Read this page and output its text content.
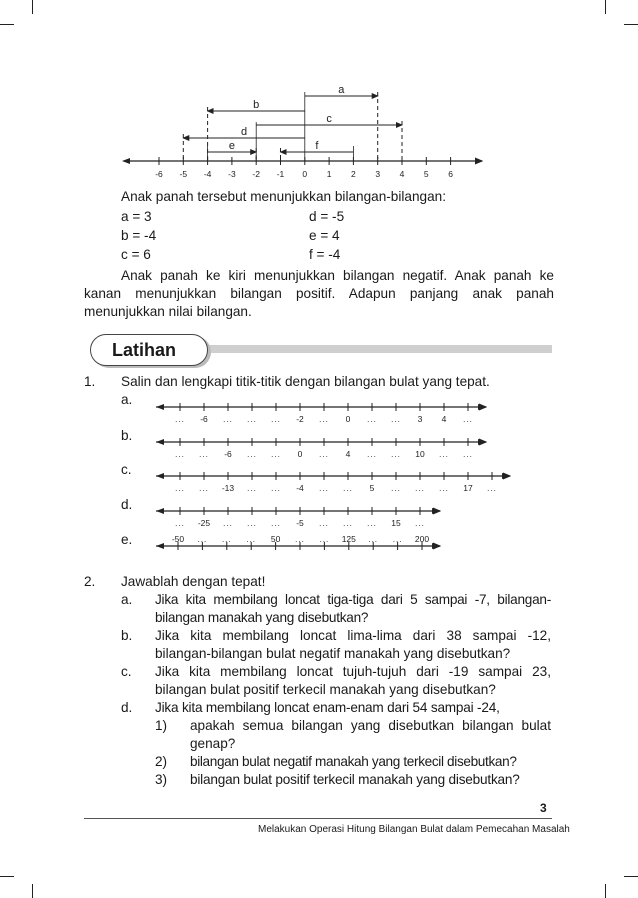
-6 -5 -4 -3 -2 -1 0 1 2 3 4 5 6
a
b
c
d
e	f
Anak panah tersebut menunjukkan bilangan-bilangan:
a = 3
b = -4
c = 6
d = -5
e = 4
f = -4
Anak panah ke kiri menunjukkan bilangan negatif. Anak panah ke kanan menunjukkan bilangan positif. Adapun panjang anak panah menunjukkan nilai bilangan.
Latihan
1. Salin dan lengkapi titik-titik dengan bilangan bulat yang tepat.
a.
b.
c.
d.
e.
... -6 ... ... ... -2 ... 0 ... ... 3 4 ...
... ... -6 ... ... 0 ... 4 ... ... 10 ... ...
... ... -13 ... ... -4 ... ... 5 ... ... ... 17 ...
... -25 ... ... ... -5 ... ... ... 15 ...
-50 ... ... ... 50 ... ... 125 ... ... 200
2. Jawablah dengan tepat!
a. Jika kita membilang loncat tiga-tiga dari 5 sampai -7, bilangan-bilangan manakah yang disebutkan?
b. Jika kita membilang loncat lima-lima dari 38 sampai -12, bilangan-bilangan bulat negatif manakah yang disebutkan?
c. Jika kita membilang loncat tujuh-tujuh dari -19 sampai 23, bilangan bulat positif terkecil manakah yang disebutkan?
d. Jika kita membilang loncat enam-enam dari 54 sampai -24,
1) apakah semua bilangan yang disebutkan bilangan bulat genap?
2) bilangan bulat negatif manakah yang terkecil disebutkan?
3) bilangan bulat positif terkecil manakah yang disebutkan?
3
Melakukan Operasi Hitung Bilangan Bulat dalam Pemecahan Masalah
